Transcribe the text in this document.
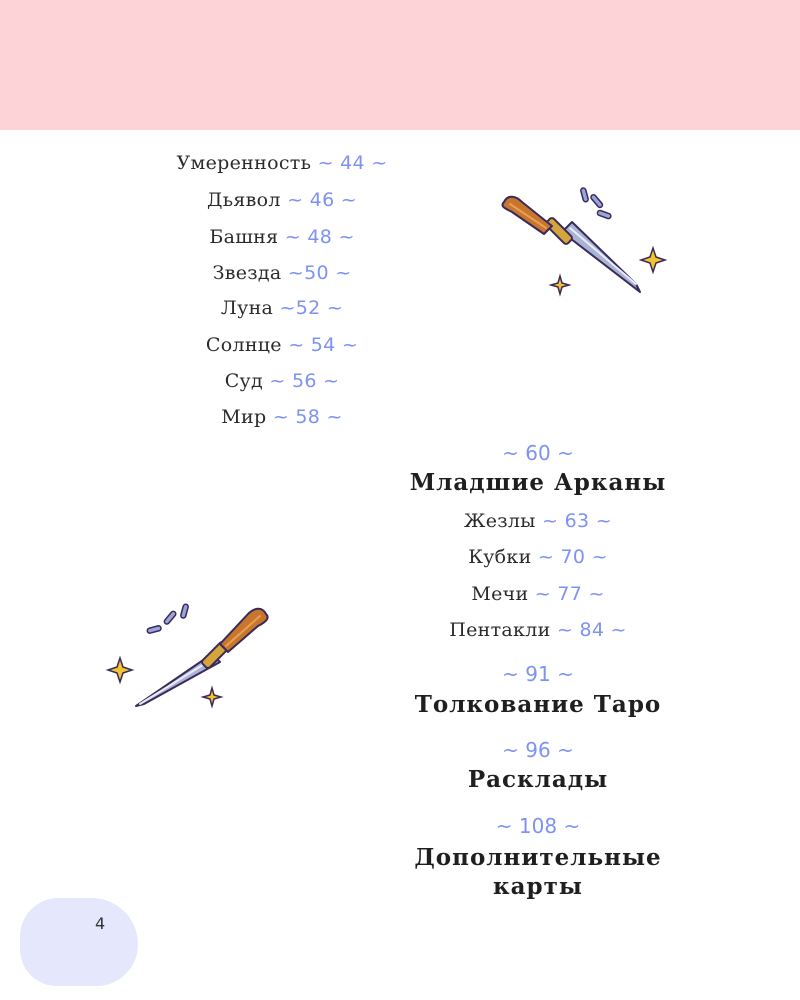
Умеренность ~ 44 ~
Дьявол ~ 46 ~
Башня ~ 48 ~
Звезда ~50 ~
Луна ~52 ~
Солнце ~ 54 ~
Суд ~ 56 ~
Мир ~ 58 ~
~ 60 ~
Младшие Арканы
Жезлы ~ 63 ~
Кубки ~ 70 ~
Мечи ~ 77 ~
Пентакли ~ 84 ~
~ 91 ~
Толкование Таро
~ 96 ~
Расклады
~ 108 ~
Дополнительные карты
4
